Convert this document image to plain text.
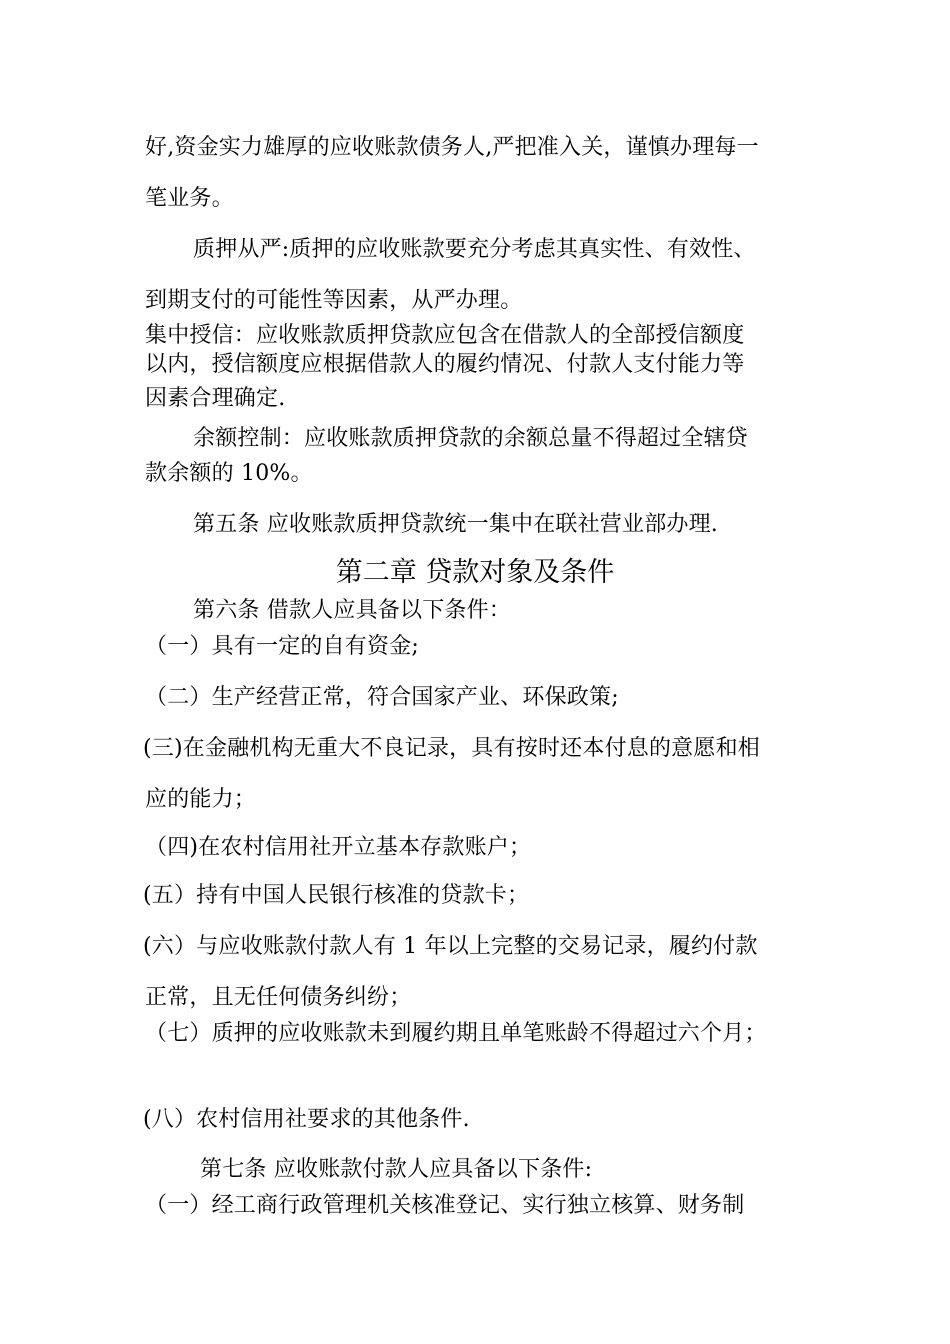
好,资金实力雄厚的应收账款债务人,严把准入关，谨慎办理每一
笔业务。
质押从严:质押的应收账款要充分考虑其真实性、有效性、
到期支付的可能性等因素，从严办理。
集中授信：应收账款质押贷款应包含在借款人的全部授信额度
以内，授信额度应根据借款人的履约情况、付款人支付能力等
因素合理确定.
余额控制：应收账款质押贷款的余额总量不得超过全辖贷
款余额的 10%。
第五条 应收账款质押贷款统一集中在联社营业部办理.
第二章 贷款对象及条件
第六条 借款人应具备以下条件：
（一）具有一定的自有资金;
（二）生产经营正常，符合国家产业、环保政策;
(三)在金融机构无重大不良记录，具有按时还本付息的意愿和相
应的能力；
（四)在农村信用社开立基本存款账户；
(五）持有中国人民银行核准的贷款卡；
(六）与应收账款付款人有 1 年以上完整的交易记录，履约付款
正常，且无任何债务纠纷；
（七）质押的应收账款未到履约期且单笔账龄不得超过六个月；
(八）农村信用社要求的其他条件.
第七条 应收账款付款人应具备以下条件:
（一）经工商行政管理机关核准登记、实行独立核算、财务制
